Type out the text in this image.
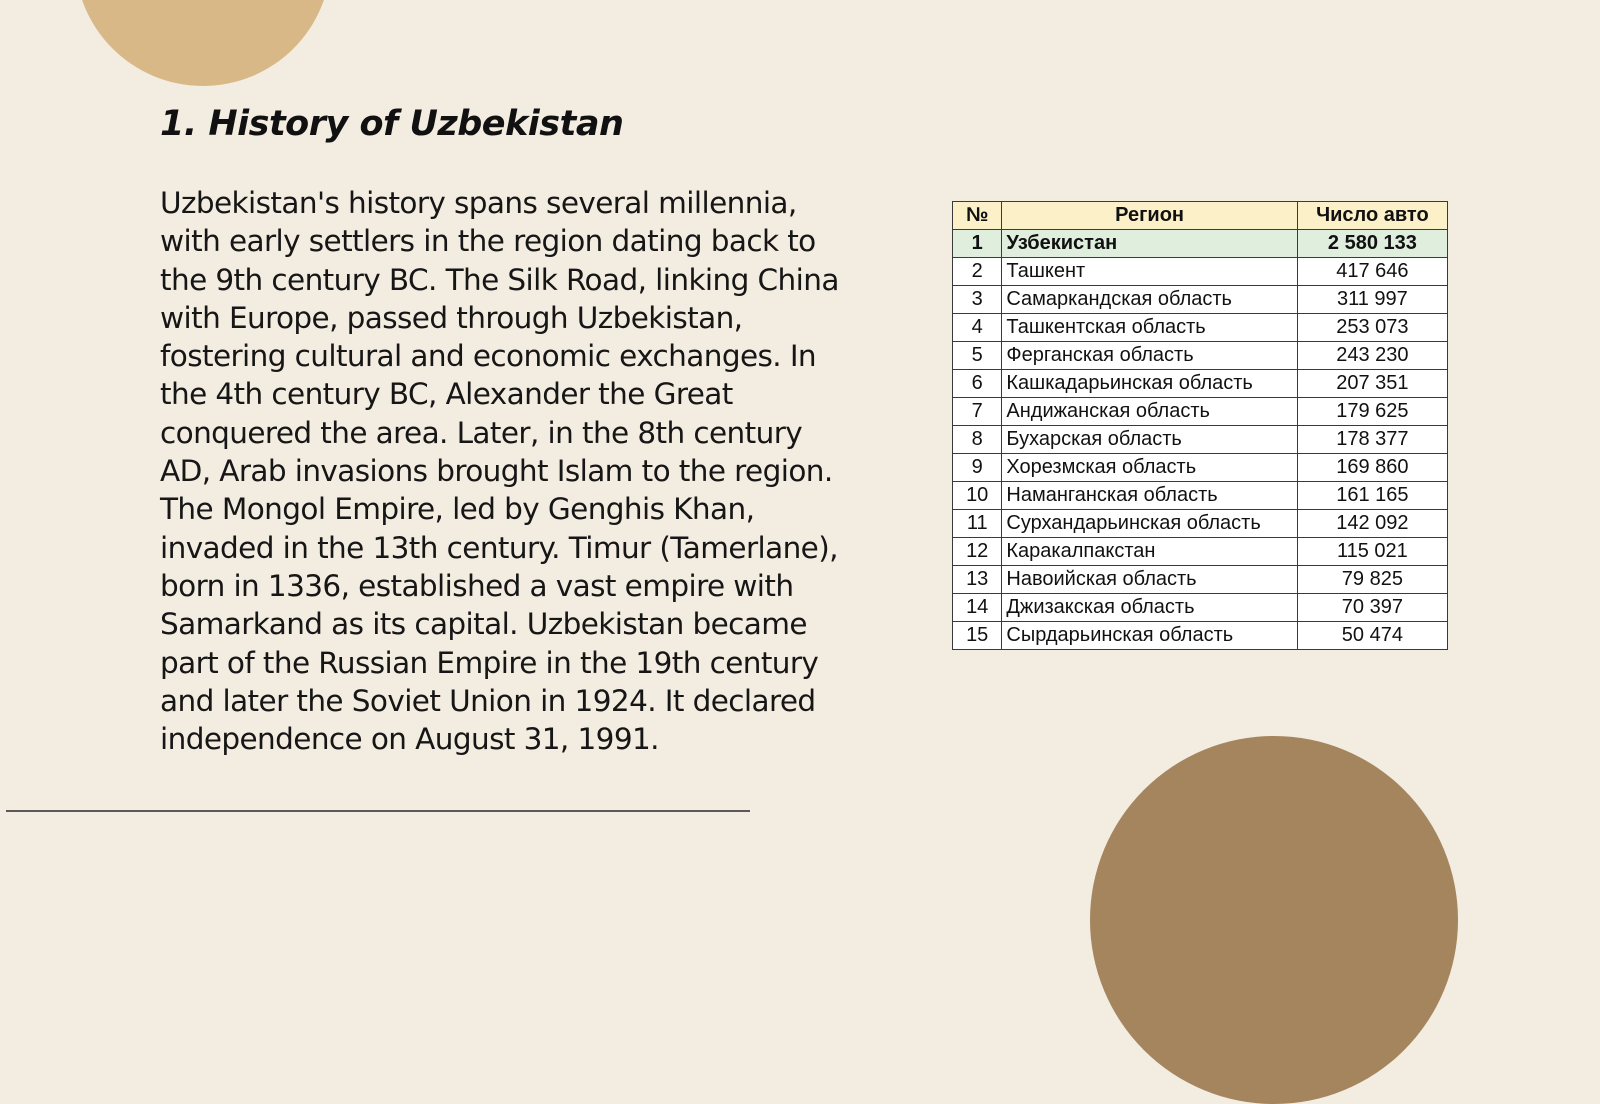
1. History of Uzbekistan

Uzbekistan's history spans several millennia, with early settlers in the region dating back to the 9th century BC. The Silk Road, linking China with Europe, passed through Uzbekistan, fostering cultural and economic exchanges. In the 4th century BC, Alexander the Great conquered the area. Later, in the 8th century AD, Arab invasions brought Islam to the region. The Mongol Empire, led by Genghis Khan, invaded in the 13th century. Timur (Tamerlane), born in 1336, established a vast empire with Samarkand as its capital. Uzbekistan became part of the Russian Empire in the 19th century and later the Soviet Union in 1924. It declared independence on August 31, 1991.

№	Регион	Число авто
1	Узбекистан	2 580 133
2	Ташкент	417 646
3	Самаркандская область	311 997
4	Ташкентская область	253 073
5	Ферганская область	243 230
6	Кашкадарьинская область	207 351
7	Андижанская область	179 625
8	Бухарская область	178 377
9	Хорезмская область	169 860
10	Наманганская область	161 165
11	Сурхандарьинская область	142 092
12	Каракалпакстан	115 021
13	Навоийская область	79 825
14	Джизакская область	70 397
15	Сырдарьинская область	50 474
